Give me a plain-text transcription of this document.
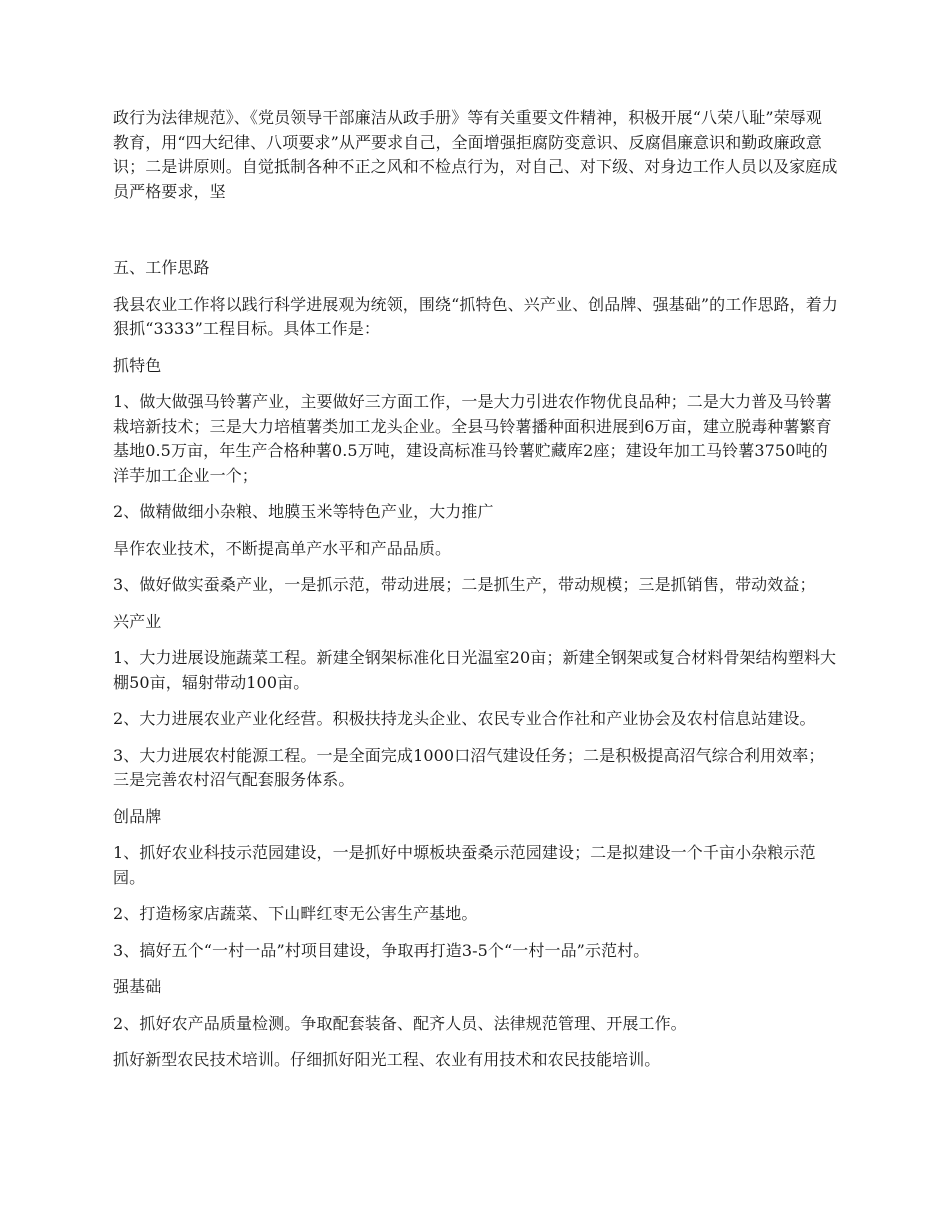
政行为法律规范》、《党员领导干部廉洁从政手册》等有关重要文件精神，积极开展“八荣八耻”荣辱观教育，用“四大纪律、八项要求”从严要求自己，全面增强拒腐防变意识、反腐倡廉意识和勤政廉政意识；二是讲原则。自觉抵制各种不正之风和不检点行为，对自己、对下级、对身边工作人员以及家庭成员严格要求，坚

五、工作思路

我县农业工作将以践行科学进展观为统领，围绕“抓特色、兴产业、创品牌、强基础”的工作思路，着力狠抓“3333”工程目标。具体工作是：

抓特色

1、做大做强马铃薯产业，主要做好三方面工作，一是大力引进农作物优良品种；二是大力普及马铃薯栽培新技术；三是大力培植薯类加工龙头企业。全县马铃薯播种面积进展到6万亩，建立脱毒种薯繁育基地0.5万亩，年生产合格种薯0.5万吨，建设高标准马铃薯贮藏库2座；建设年加工马铃薯3750吨的洋芋加工企业一个；

2、做精做细小杂粮、地膜玉米等特色产业，大力推广

旱作农业技术，不断提高单产水平和产品品质。

3、做好做实蚕桑产业，一是抓示范，带动进展；二是抓生产，带动规模；三是抓销售，带动效益；

兴产业

1、大力进展设施蔬菜工程。新建全钢架标准化日光温室20亩；新建全钢架或复合材料骨架结构塑料大棚50亩，辐射带动100亩。

2、大力进展农业产业化经营。积极扶持龙头企业、农民专业合作社和产业协会及农村信息站建设。

3、大力进展农村能源工程。一是全面完成1000口沼气建设任务；二是积极提高沼气综合利用效率；三是完善农村沼气配套服务体系。

创品牌

1、抓好农业科技示范园建设，一是抓好中塬板块蚕桑示范园建设；二是拟建设一个千亩小杂粮示范园。

2、打造杨家店蔬菜、下山畔红枣无公害生产基地。

3、搞好五个“一村一品”村项目建设，争取再打造3-5个“一村一品”示范村。

强基础

2、抓好农产品质量检测。争取配套装备、配齐人员、法律规范管理、开展工作。

抓好新型农民技术培训。仔细抓好阳光工程、农业有用技术和农民技能培训。
